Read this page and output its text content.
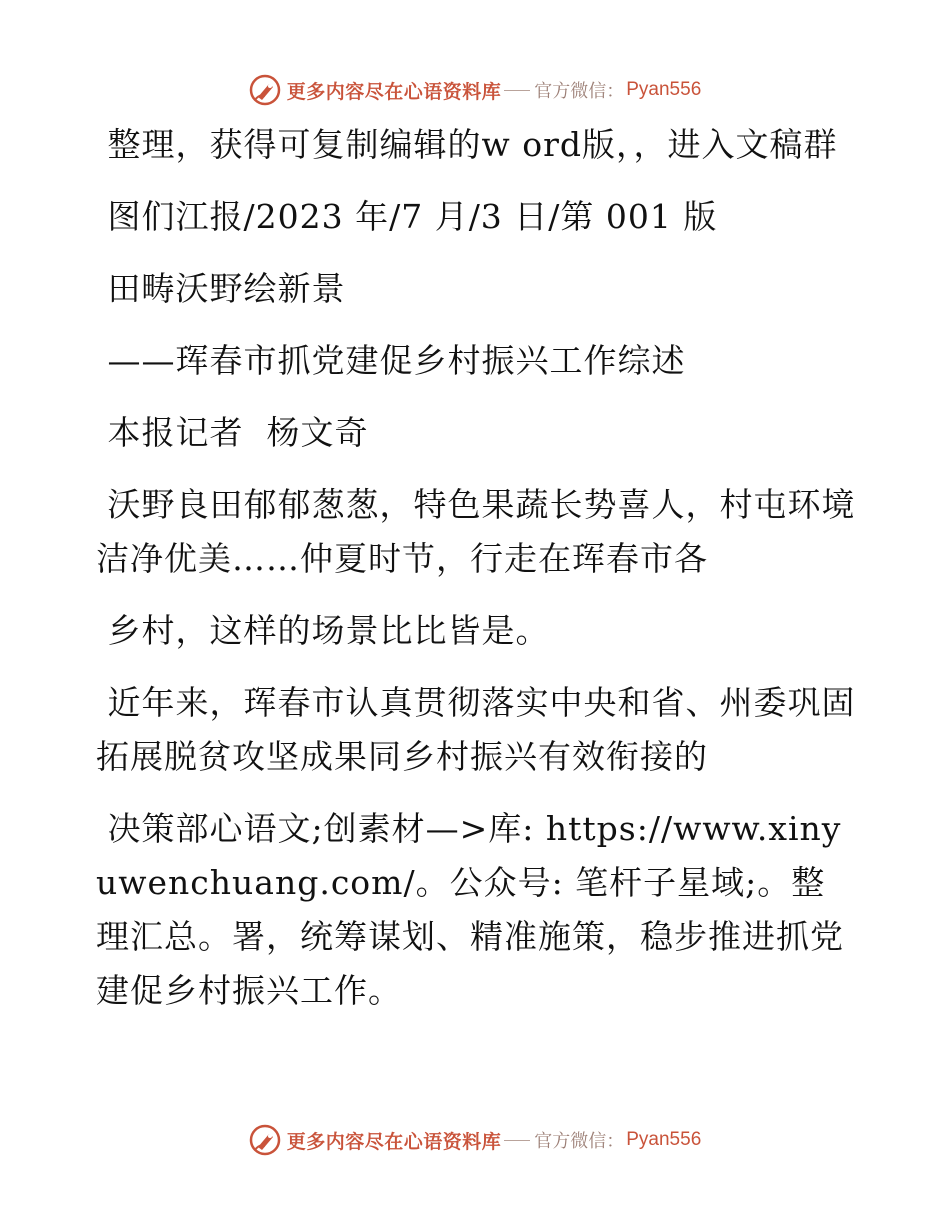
更多内容尽在心语资料库 官方微信： Pyan556

整理，获得可复制编辑的w ord版，，进入文稿群

图们江报/2023 年/7 月/3 日/第 001 版

田畴沃野绘新景

——珲春市抓党建促乡村振兴工作综述

本报记者  杨文奇

沃野良田郁郁葱葱，特色果蔬长势喜人，村屯环境洁净优美……仲夏时节，行走在珲春市各

乡村，这样的场景比比皆是。

近年来，珲春市认真贯彻落实中央和省、州委巩固拓展脱贫攻坚成果同乡村振兴有效衔接的

决策部心语文;创素材—>库: https://www.xinyuwenchuang.com/。公众号: 笔杆子星域;。整理汇总。署，统筹谋划、精准施策，稳步推进抓党建促乡村振兴工作。

更多内容尽在心语资料库 官方微信： Pyan556
